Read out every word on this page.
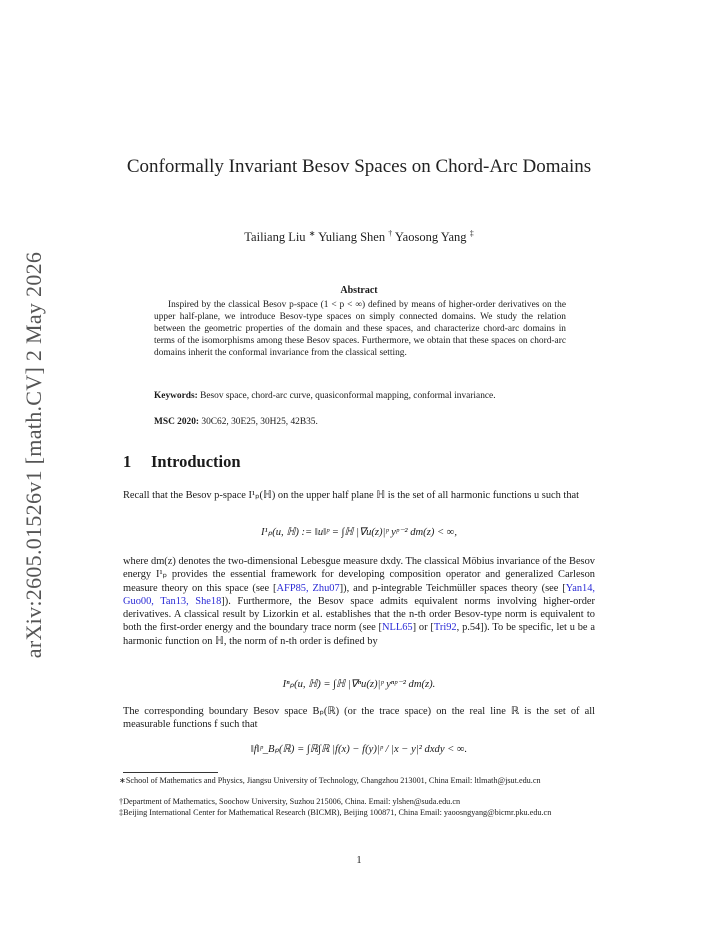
arXiv:2605.01526v1 [math.CV] 2 May 2026
Conformally Invariant Besov Spaces on Chord-Arc Domains
Tailiang Liu ∗ Yuliang Shen † Yaosong Yang ‡
Abstract
Inspired by the classical Besov p-space (1 < p < ∞) defined by means of higher-order derivatives on the upper half-plane, we introduce Besov-type spaces on simply connected domains. We study the relation between the geometric properties of the domain and these spaces, and characterize chord-arc domains in terms of the isomorphisms among these Besov spaces. Furthermore, we obtain that these spaces on chord-arc domains inherit the conformal invariance from the classical setting.
Keywords: Besov space, chord-arc curve, quasiconformal mapping, conformal invariance.
MSC 2020: 30C62, 30E25, 30H25, 42B35.
1 Introduction
Recall that the Besov p-space I¹ₚ(ℍ) on the upper half plane ℍ is the set of all harmonic functions u such that
I¹ₚ(u, ℍ) := ‖u‖ᵖ = ∫ℍ |∇u(z)|ᵖ yᵖ⁻² dm(z) < ∞,
where dm(z) denotes the two-dimensional Lebesgue measure dxdy. The classical Möbius invariance of the Besov energy I¹ₚ provides the essential framework for developing composition operator and generalized Carleson measure theory on this space (see [AFP85, Zhu07]), and p-integrable Teichmüller spaces theory (see [Yan14, Guo00, Tan13, She18]). Furthermore, the Besov space admits equivalent norms involving higher-order derivatives. A classical result by Lizorkin et al. establishes that the n-th order Besov-type norm is equivalent to both the first-order energy and the boundary trace norm (see [NLL65] or [Tri92, p.54]). To be specific, let u be a harmonic function on ℍ, the norm of n-th order is defined by
Iⁿₚ(u, ℍ) = ∫ℍ |∇ⁿu(z)|ᵖ yⁿᵖ⁻² dm(z).
The corresponding boundary Besov space Bₚ(ℝ) (or the trace space) on the real line ℝ is the set of all measurable functions f such that
‖f‖ᵖ_Bₚ(ℝ) = ∫ℝ∫ℝ |f(x) − f(y)|ᵖ / |x − y|² dxdy < ∞.
∗School of Mathematics and Physics, Jiangsu University of Technology, Changzhou 213001, China Email: ltlmath@jsut.edu.cn
†Department of Mathematics, Soochow University, Suzhou 215006, China. Email: ylshen@suda.edu.cn
‡Beijing International Center for Mathematical Research (BICMR), Beijing 100871, China Email: yaoosngyang@bicmr.pku.edu.cn
1
